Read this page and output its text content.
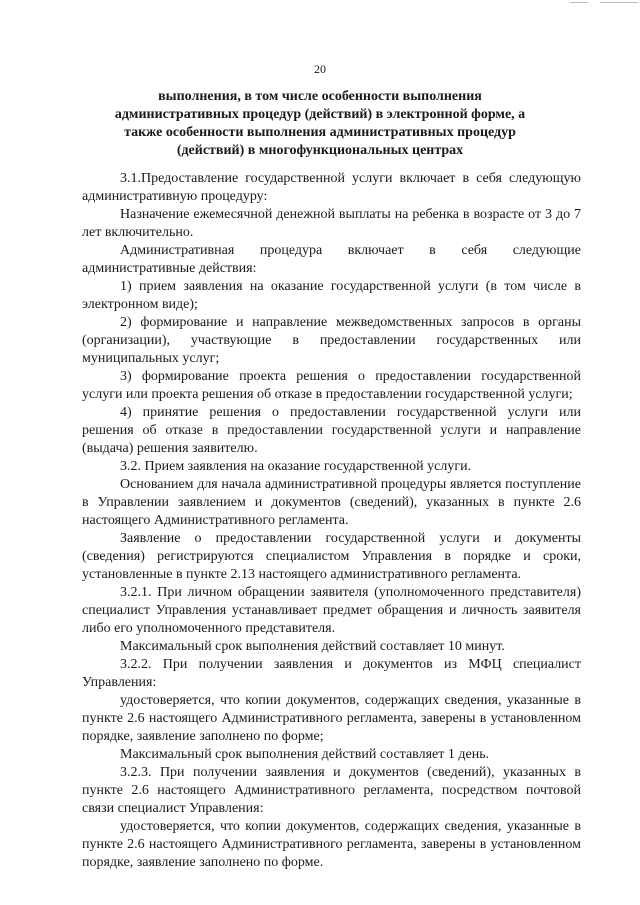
20
выполнения, в том числе особенности выполнения
административных процедур (действий) в электронной форме, а
также особенности выполнения административных процедур
(действий) в многофункциональных центрах

3.1.Предоставление государственной услуги включает в себя следующую административную процедуру:

Назначение ежемесячной денежной выплаты на ребенка в возрасте от 3 до 7 лет включительно.

Административная процедура включает в себя следующие административные действия:

1) прием заявления на оказание государственной услуги (в том числе в электронном виде);

2) формирование и направление межведомственных запросов в органы (организации), участвующие в предоставлении государственных или муниципальных услуг;

3) формирование проекта решения о предоставлении государственной услуги или проекта решения об отказе в предоставлении государственной услуги;

4) принятие решения о предоставлении государственной услуги или решения об отказе в предоставлении государственной услуги и направление (выдача) решения заявителю.

3.2. Прием заявления на оказание государственной услуги.

Основанием для начала административной процедуры является поступление в Управлении заявлением и документов (сведений), указанных в пункте 2.6 настоящего Административного регламента.

Заявление о предоставлении государственной услуги и документы (сведения) регистрируются специалистом Управления в порядке и сроки, установленные в пункте 2.13 настоящего административного регламента.

3.2.1. При личном обращении заявителя (уполномоченного представителя) специалист Управления устанавливает предмет обращения и личность заявителя либо его уполномоченного представителя.

Максимальный срок выполнения действий составляет 10 минут.

3.2.2. При получении заявления и документов из МФЦ специалист Управления:

удостоверяется, что копии документов, содержащих сведения, указанные в пункте 2.6 настоящего Административного регламента, заверены в установленном порядке, заявление заполнено по форме;

Максимальный срок выполнения действий составляет 1 день.

3.2.3. При получении заявления и документов (сведений), указанных в пункте 2.6 настоящего Административного регламента, посредством почтовой связи специалист Управления:

удостоверяется, что копии документов, содержащих сведения, указанные в пункте 2.6 настоящего Административного регламента, заверены в установленном порядке, заявление заполнено по форме.
